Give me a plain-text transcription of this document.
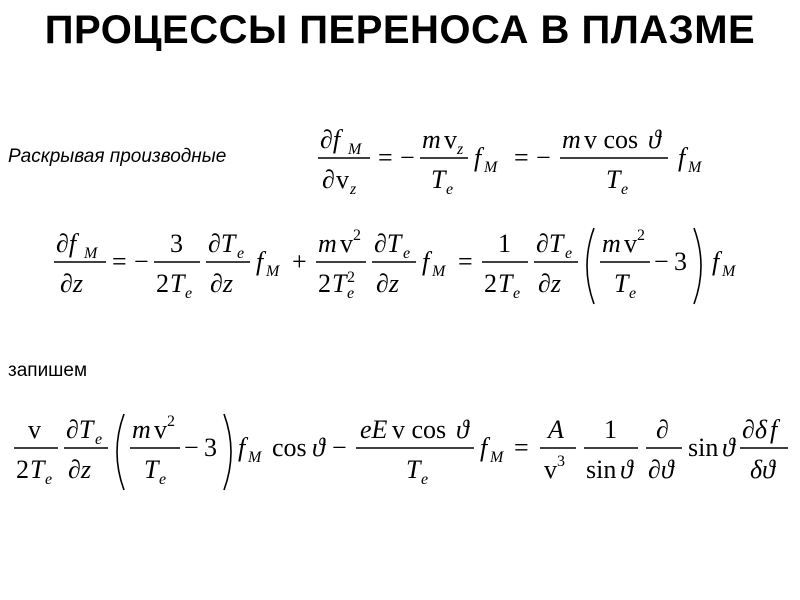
ПРОЦЕССЫ ПЕРЕНОСА В ПЛАЗМЕ
Раскрывая производные
запишем
∂f M
∂ v z
= −
m v z
T e
f M = −
m v cos ϑ
T e
f M
∂f M
∂z
= −
3
2 T e
∂T e
∂z
f M +
m v 2
2 T e
2
∂T e
∂z
f M =
1
2 T e
∂T e
∂z
m v 2
T e
− 3 f M
v
2 T e
∂T e
∂z
m v 2
T e
− 3 f M cos ϑ −
eE v cos ϑ
T e
f M =
A
v 3
1
sin ϑ
∂
∂ϑ
sin ϑ
∂δ f
δϑ
